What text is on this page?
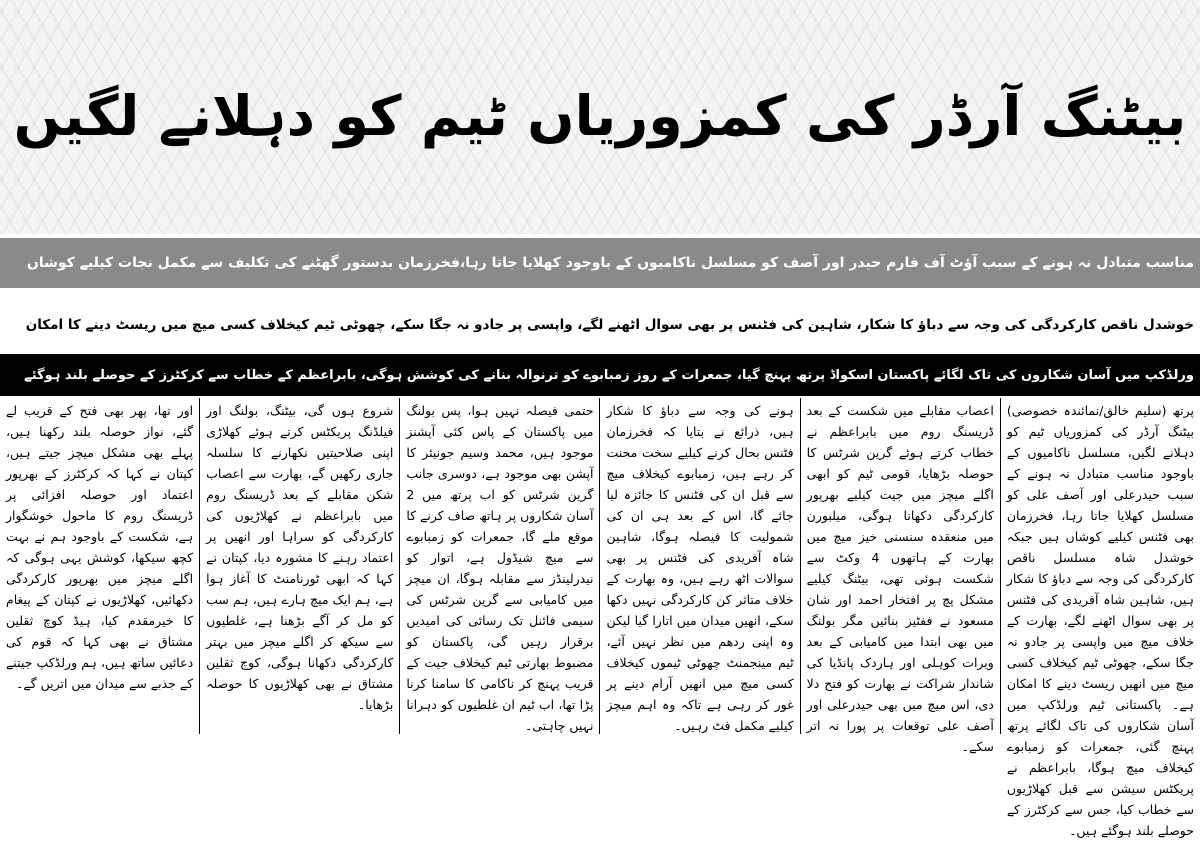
بیٹنگ آرڈر کی کمزوریاں ٹیم کو دہلانے لگیں
مناسب متبادل نہ ہونے کے سبب آؤٹ آف فارم حیدر اور آصف کو مسلسل ناکامیوں کے باوجود کھلایا جاتا رہا،فخرزمان بدستور گھٹنے کی تکلیف سے مکمل نجات کیلیے کوشاں
خوشدل ناقص کارکردگی کی وجہ سے دباؤ کا شکار، شاہین کی فٹنس پر بھی سوال اٹھنے لگے، واپسی پر جادو نہ جگا سکے، چھوٹی ٹیم کیخلاف کسی میچ میں ریسٹ دینے کا امکان
ورلڈکپ میں آسان شکاروں کی تاک لگائے پاکستان اسکواڈ پرتھ پہنچ گیا، جمعرات کے روز زمبابوے کو ترنوالہ بنانے کی کوشش ہوگی، بابراعظم کے خطاب سے کرکٹرز کے حوصلے بلند ہوگئے
پرتھ (سلیم خالق/نمائندہ خصوصی) بیٹنگ آرڈر کی کمزوریاں ٹیم کو دہلانے لگیں، مسلسل ناکامیوں کے باوجود مناسب متبادل نہ ہونے کے سبب حیدرعلی اور آصف علی کو مسلسل کھلایا جاتا رہا، فخرزمان بھی فٹنس کیلیے کوشاں ہیں جبکہ خوشدل شاہ مسلسل ناقص کارکردگی کی وجہ سے دباؤ کا شکار ہیں، شاہین شاہ آفریدی کی فٹنس پر بھی سوال اٹھنے لگے، بھارت کے خلاف میچ میں واپسی پر جادو نہ جگا سکے، چھوٹی ٹیم کیخلاف کسی میچ میں انھیں ریسٹ دینے کا امکان ہے۔ پاکستانی ٹیم ورلڈکپ میں آسان شکاروں کی تاک لگائے پرتھ پہنچ گئی، جمعرات کو زمبابوے کیخلاف میچ ہوگا، بابراعظم نے پریکٹس سیشن سے قبل کھلاڑیوں سے خطاب کیا، جس سے کرکٹرز کے حوصلے بلند ہوگئے ہیں۔
اعصاب مقابلے میں شکست کے بعد ڈریسنگ روم میں بابراعظم نے خطاب کرتے ہوئے گرین شرٹس کا حوصلہ بڑھایا، قومی ٹیم کو ابھی اگلے میچز میں جیت کیلیے بھرپور کارکردگی دکھانا ہوگی، میلبورن میں منعقدہ سنسنی خیز میچ میں بھارت کے ہاتھوں 4 وکٹ سے شکست ہوئی تھی، بیٹنگ کیلیے مشکل پچ پر افتخار احمد اور شان مسعود نے ففٹیز بنائیں مگر بولنگ میں بھی ابتدا میں کامیابی کے بعد ویرات کوہلی اور ہاردک پانڈیا کی شاندار شراکت نے بھارت کو فتح دلا دی، اس میچ میں بھی حیدرعلی اور آصف علی توقعات پر پورا نہ اتر سکے۔
ہونے کی وجہ سے دباؤ کا شکار ہیں، ذرائع نے بتایا کہ فخرزمان فٹنس بحال کرنے کیلیے سخت محنت کر رہے ہیں، زمبابوے کیخلاف میچ سے قبل ان کی فٹنس کا جائزہ لیا جائے گا، اس کے بعد ہی ان کی شمولیت کا فیصلہ ہوگا، شاہین شاہ آفریدی کی فٹنس پر بھی سوالات اٹھ رہے ہیں، وہ بھارت کے خلاف متاثر کن کارکردگی نہیں دکھا سکے، انھیں میدان میں اتارا گیا لیکن وہ اپنی ردھم میں نظر نہیں آئے، ٹیم مینجمنٹ چھوٹی ٹیموں کیخلاف کسی میچ میں انھیں آرام دینے پر غور کر رہی ہے تاکہ وہ اہم میچز کیلیے مکمل فٹ رہیں۔
حتمی فیصلہ نہیں ہوا، پس بولنگ میں پاکستان کے پاس کئی آپشنز موجود ہیں، محمد وسیم جونیئر کا آپشن بھی موجود ہے، دوسری جانب گرین شرٹس کو اب پرتھ میں 2 آسان شکاروں پر ہاتھ صاف کرنے کا موقع ملے گا، جمعرات کو زمبابوے سے میچ شیڈول ہے، اتوار کو نیدرلینڈز سے مقابلہ ہوگا، ان میچز میں کامیابی سے گرین شرٹس کی سیمی فائنل تک رسائی کی امیدیں برقرار رہیں گی، پاکستان کو مضبوط بھارتی ٹیم کیخلاف جیت کے قریب پہنچ کر ناکامی کا سامنا کرنا پڑا تھا، اب ٹیم ان غلطیوں کو دہرانا نہیں چاہتی۔
شروع ہوں گی، بیٹنگ، بولنگ اور فیلڈنگ پریکٹس کرتے ہوئے کھلاڑی اپنی صلاحیتیں نکھارنے کا سلسلہ جاری رکھیں گے، بھارت سے اعصاب شکن مقابلے کے بعد ڈریسنگ روم میں بابراعظم نے کھلاڑیوں کی کارکردگی کو سراہا اور انھیں پر اعتماد رہنے کا مشورہ دیا، کپتان نے کہا کہ ابھی ٹورنامنٹ کا آغاز ہوا ہے، ہم ایک میچ ہارے ہیں، ہم سب کو مل کر آگے بڑھنا ہے، غلطیوں سے سیکھ کر اگلے میچز میں بہتر کارکردگی دکھانا ہوگی، کوچ ثقلین مشتاق نے بھی کھلاڑیوں کا حوصلہ بڑھایا۔
اور تھا، پھر بھی فتح کے قریب لے گئے، نواز حوصلہ بلند رکھنا ہیں، پہلے بھی مشکل میچز جیتے ہیں، کپتان نے کہا کہ کرکٹرز کے بھرپور اعتماد اور حوصلہ افزائی پر ڈریسنگ روم کا ماحول خوشگوار ہے، شکست کے باوجود ہم نے بہت کچھ سیکھا، کوشش یہی ہوگی کہ اگلے میچز میں بھرپور کارکردگی دکھائیں، کھلاڑیوں نے کپتان کے پیغام کا خیرمقدم کیا، ہیڈ کوچ ثقلین مشتاق نے بھی کہا کہ قوم کی دعائیں ساتھ ہیں، ہم ورلڈکپ جیتنے کے جذبے سے میدان میں اتریں گے۔
